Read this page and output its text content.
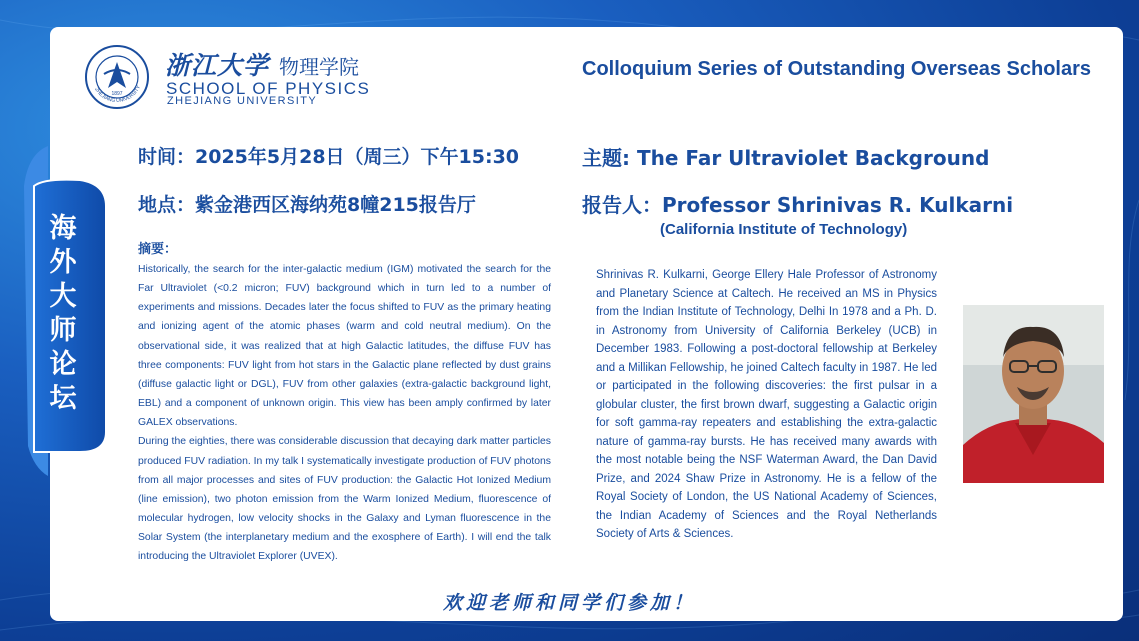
1897
ZHEJIANG UNIVERSITY
浙江大学 物理学院
SCHOOL OF PHYSICS
ZHEJIANG UNIVERSITY
Colloquium Series of Outstanding Overseas Scholars
海
外
大
师
论
坛
时间：2025年5月28日（周三）下午15:30
地点：紫金港西区海纳苑8幢215报告厅
主题: The Far Ultraviolet Background
报告人：Professor Shrinivas R. Kulkarni
(California Institute of Technology)
摘要：

Historically, the search for the inter-galactic medium (IGM) motivated the search for the Far Ultraviolet (<0.2 micron; FUV) background which in turn led to a number of experiments and missions. Decades later the focus shifted to FUV as the primary heating and ionizing agent of the atomic phases (warm and cold neutral medium). On the observational side, it was realized that at high Galactic latitudes, the diffuse FUV has three components: FUV light from hot stars in the Galactic plane reflected by dust grains (diffuse galactic light or DGL), FUV from other galaxies (extra-galactic background light, EBL) and a component of unknown origin. This view has been amply confirmed by later GALEX observations.

During the eighties, there was considerable discussion that decaying dark matter particles produced FUV radiation. In my talk I systematically investigate production of FUV photons from all major processes and sites of FUV production: the Galactic Hot Ionized Medium (line emission), two photon emission from the Warm Ionized Medium, fluorescence of molecular hydrogen, low velocity shocks in the Galaxy and Lyman fluorescence in the Solar System (the interplanetary medium and the exosphere of Earth). I will end the talk introducing the Ultraviolet Explorer (UVEX).

Shrinivas R. Kulkarni, George Ellery Hale Professor of Astronomy and Planetary Science at Caltech. He received an MS in Physics from the Indian Institute of Technology, Delhi In 1978 and a Ph. D. in Astronomy from University of California Berkeley (UCB) in December 1983. Following a post-doctoral fellowship at Berkeley and a Millikan Fellowship, he joined Caltech faculty in 1987. He led or participated in the following discoveries: the first pulsar in a globular cluster, the first brown dwarf, suggesting a Galactic origin for soft gamma-ray repeaters and establishing the extra-galactic nature of gamma-ray bursts. He has received many awards with the most notable being the NSF Waterman Award, the Dan David Prize, and 2024 Shaw Prize in Astronomy. He is a fellow of the Royal Society of London, the US National Academy of Sciences, the Indian Academy of Sciences and the Royal Netherlands Society of Arts & Sciences.
欢迎老师和同学们参加！
